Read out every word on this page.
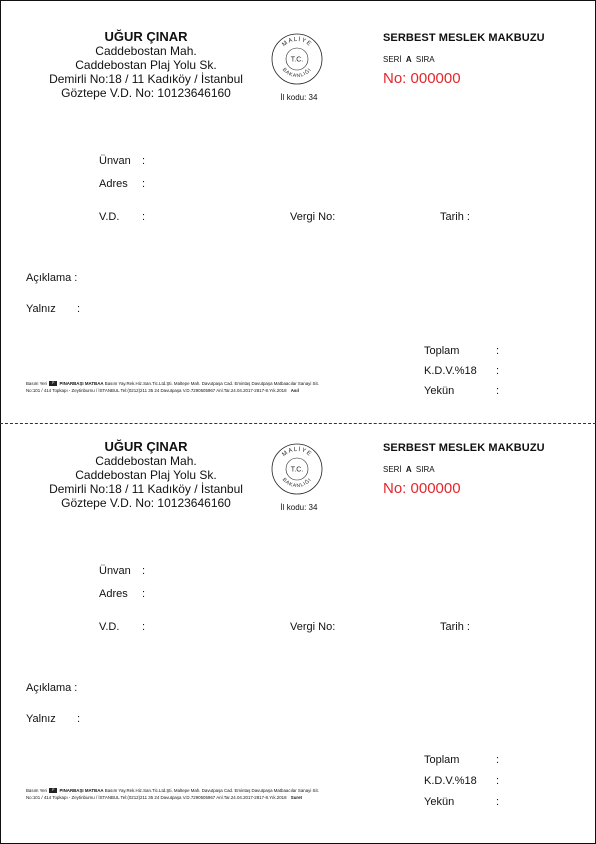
UĞUR ÇINAR
Caddebostan Mah.
Caddebostan Plaj Yolu Sk.
Demirli No:18 / 11 Kadıköy / İstanbul
Göztepe V.D. No: 10123646160
MALİYE
BAKANLIĞI
T.C.
İl kodu: 34
SERBEST MESLEK MAKBUZU
SERİ A SIRA
No: 000000
Ünvan :
Adres :
V.D. :	Vergi No:	Tarih :
Açıklama :
Yalnız :
Toplam	:
K.D.V.%18 :
Yekün	:
Basım Yeri P PINARBAŞI MATBAA Basım Yay.Rek.Hiz.San.Tic.Ltd.Şti. Maltepe Mah. Davutpaşa Cad. Emintaş Davutpaşa Matbaacılar Sanayi Sit.
No:101 / 414 Topkapı - Zeytinburnu / İSTANBUL Tel:(0212)211 35 24 Davutpaşa V.D.7290505967 Anl.Tar.24.04.2017-2817-8.Yık.2018 Asıl
UĞUR ÇINAR
Caddebostan Mah.
Caddebostan Plaj Yolu Sk.
Demirli No:18 / 11 Kadıköy / İstanbul
Göztepe V.D. No: 10123646160
MALİYE
BAKANLIĞI
T.C.
İl kodu: 34
SERBEST MESLEK MAKBUZU
SERİ A SIRA
No: 000000
Ünvan :
Adres :
V.D. :	Vergi No:	Tarih :
Açıklama :
Yalnız :
Toplam	:
K.D.V.%18 :
Yekün	:
Basım Yeri P PINARBAŞI MATBAA Basım Yay.Rek.Hiz.San.Tic.Ltd.Şti. Maltepe Mah. Davutpaşa Cad. Emintaş Davutpaşa Matbaacılar Sanayi Sit.
No:101 / 414 Topkapı - Zeytinburnu / İSTANBUL Tel:(0212)211 35 24 Davutpaşa V.D.7290505967 Anl.Tar.24.04.2017-2817-8.Yık.2018 Suret
